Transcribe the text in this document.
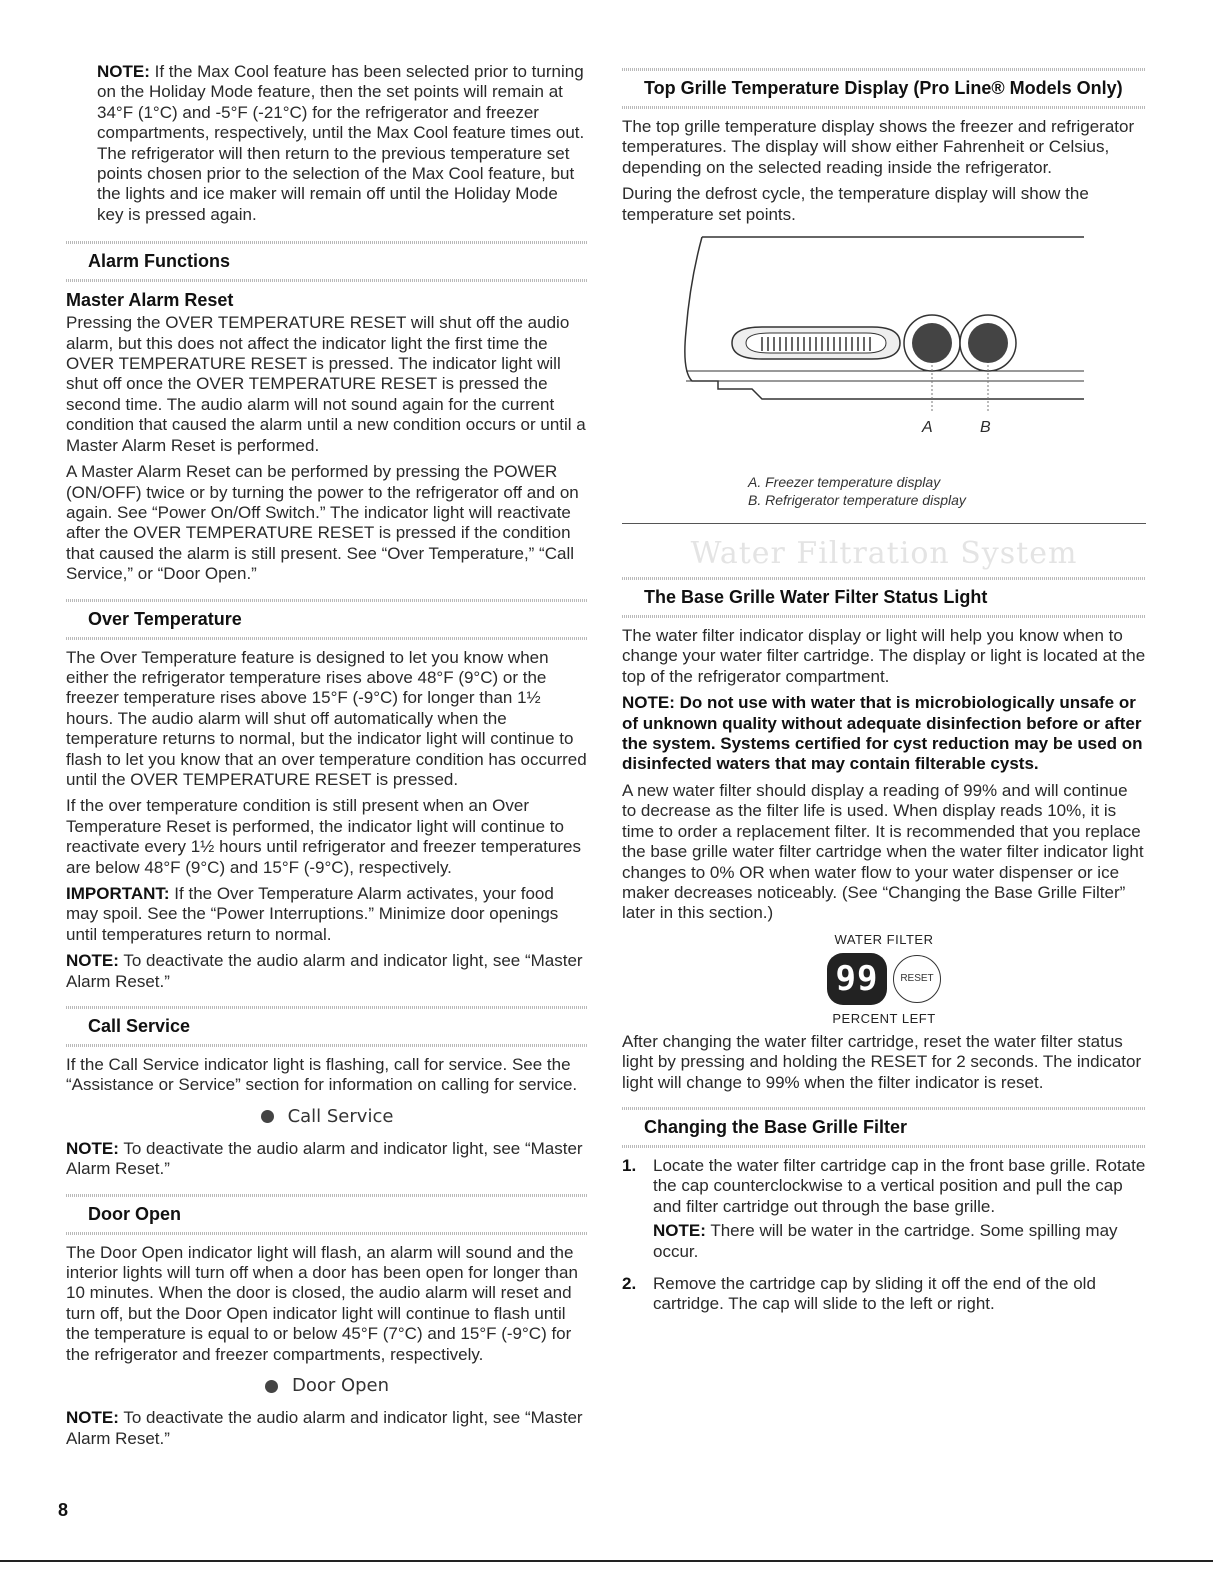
NOTE: If the Max Cool feature has been selected prior to turning on the Holiday Mode feature, then the set points will remain at 34°F (1°C) and -5°F (-21°C) for the refrigerator and freezer compartments, respectively, until the Max Cool feature times out. The refrigerator will then return to the previous temperature set points chosen prior to the selection of the Max Cool feature, but the lights and ice maker will remain off until the Holiday Mode key is pressed again.

Alarm Functions
Master Alarm Reset

Pressing the OVER TEMPERATURE RESET will shut off the audio alarm, but this does not affect the indicator light the first time the OVER TEMPERATURE RESET is pressed. The indicator light will shut off once the OVER TEMPERATURE RESET is pressed the second time. The audio alarm will not sound again for the current condition that caused the alarm until a new condition occurs or until a Master Alarm Reset is performed.

A Master Alarm Reset can be performed by pressing the POWER (ON/OFF) twice or by turning the power to the refrigerator off and on again. See “Power On/Off Switch.” The indicator light will reactivate after the OVER TEMPERATURE RESET is pressed if the condition that caused the alarm is still present. See “Over Temperature,” “Call Service,” or “Door Open.”

Over Temperature

The Over Temperature feature is designed to let you know when either the refrigerator temperature rises above 48°F (9°C) or the freezer temperature rises above 15°F (-9°C) for longer than 1½ hours. The audio alarm will shut off automatically when the temperature returns to normal, but the indicator light will continue to flash to let you know that an over temperature condition has occurred until the OVER TEMPERATURE RESET is pressed.

If the over temperature condition is still present when an Over Temperature Reset is performed, the indicator light will continue to reactivate every 1½ hours until refrigerator and freezer temperatures are below 48°F (9°C) and 15°F (-9°C), respectively.

IMPORTANT: If the Over Temperature Alarm activates, your food may spoil. See the “Power Interruptions.” Minimize door openings until temperatures return to normal.

NOTE: To deactivate the audio alarm and indicator light, see “Master Alarm Reset.”

Call Service

If the Call Service indicator light is flashing, call for service. See the “Assistance or Service” section for information on calling for service.

Call Service

NOTE: To deactivate the audio alarm and indicator light, see “Master Alarm Reset.”

Door Open

The Door Open indicator light will flash, an alarm will sound and the interior lights will turn off when a door has been open for longer than 10 minutes. When the door is closed, the audio alarm will reset and turn off, but the Door Open indicator light will continue to flash until the temperature is equal to or below 45°F (7°C) and 15°F (-9°C) for the refrigerator and freezer compartments, respectively.

Door Open

NOTE: To deactivate the audio alarm and indicator light, see “Master Alarm Reset.”

Top Grille Temperature Display (Pro Line® Models Only)

The top grille temperature display shows the freezer and refrigerator temperatures. The display will show either Fahrenheit or Celsius, depending on the selected reading inside the refrigerator.

During the defrost cycle, the temperature display will show the temperature set points.

A	B
A. Freezer temperature display
B. Refrigerator temperature display
Water Filtration System
The Base Grille Water Filter Status Light

The water filter indicator display or light will help you know when to change your water filter cartridge. The display or light is located at the top of the refrigerator compartment.

NOTE: Do not use with water that is microbiologically unsafe or of unknown quality without adequate disinfection before or after the system. Systems certified for cyst reduction may be used on disinfected waters that may contain filterable cysts.

A new water filter should display a reading of 99% and will continue to decrease as the filter life is used. When display reads 10%, it is time to order a replacement filter. It is recommended that you replace the base grille water filter cartridge when the water filter indicator light changes to 0% OR when water flow to your water dispenser or ice maker decreases noticeably. (See “Changing the Base Grille Filter” later in this section.)

WATER FILTER
99	RESET
PERCENT LEFT

After changing the water filter cartridge, reset the water filter status light by pressing and holding the RESET for 2 seconds. The indicator light will change to 99% when the filter indicator is reset.

Changing the Base Grille Filter
1. Locate the water filter cartridge cap in the front base grille. Rotate the cap counterclockwise to a vertical position and pull the cap and filter cartridge out through the base grille.

NOTE: There will be water in the cartridge. Some spilling may occur.

2. Remove the cartridge cap by sliding it off the end of the old cartridge. The cap will slide to the left or right.
8
